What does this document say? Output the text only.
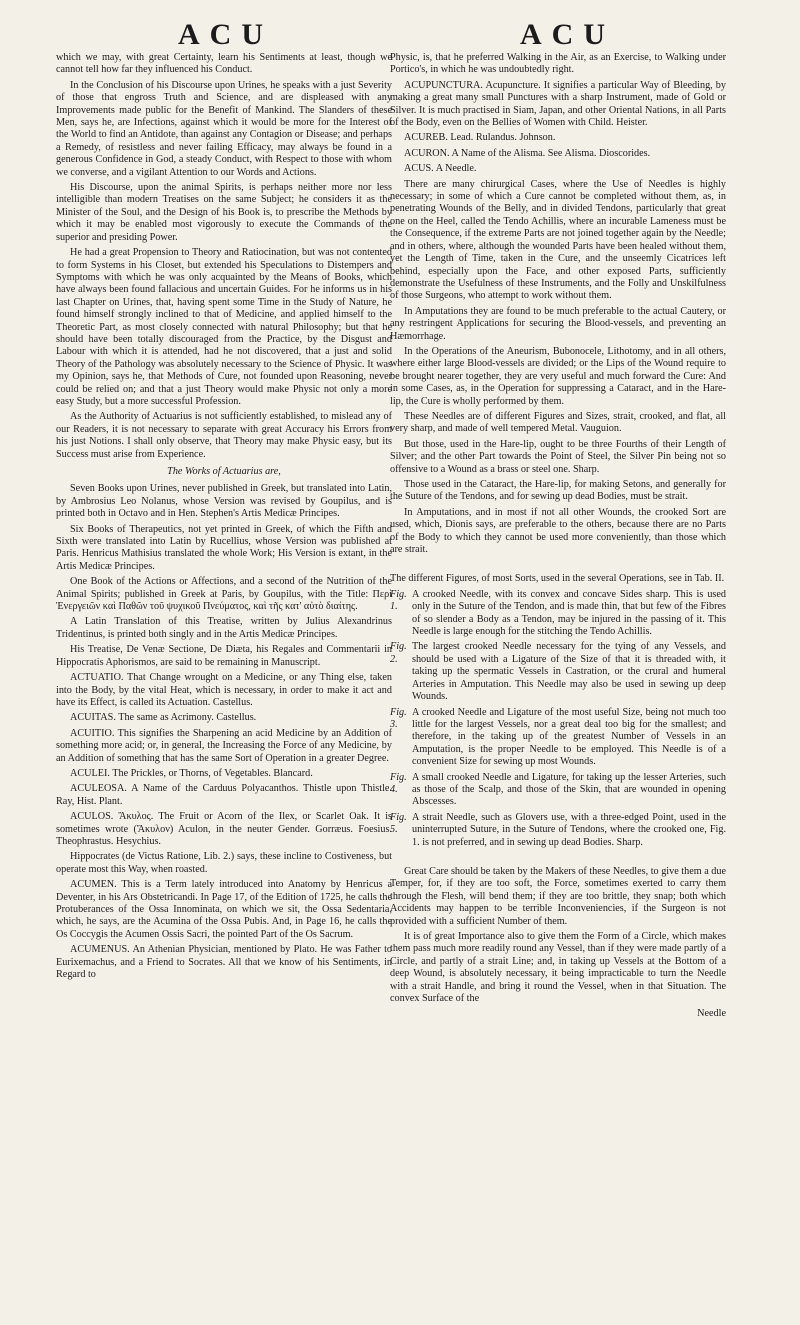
ACU	ACU

which we may, with great Certainty, learn his Sentiments at least, though we cannot tell how far they influenced his Conduct.

In the Conclusion of his Discourse upon Urines, he speaks with a just Severity of those that engross Truth and Science, and are displeased with any Improvements made public for the Benefit of Mankind. The Slanders of these Men, says he, are Infections, against which it would be more for the Interest of the World to find an Antidote, than against any Contagion or Disease; and perhaps a Remedy, of resistless and never failing Efficacy, may always be found in a generous Confidence in God, a steady Conduct, with Respect to those with whom we converse, and a vigilant Attention to our Words and Actions.

His Discourse, upon the animal Spirits, is perhaps neither more nor less intelligible than modern Treatises on the same Subject; he considers it as the Minister of the Soul, and the Design of his Book is, to prescribe the Methods by which it may be enabled most vigorously to execute the Commands of the superior and presiding Power.

He had a great Propension to Theory and Ratiocination, but was not contented to form Systems in his Closet, but extended his Speculations to Distempers and Symptoms with which he was only acquainted by the Means of Books, which have always been found fallacious and uncertain Guides. For he informs us in his last Chapter on Urines, that, having spent some Time in the Study of Nature, he found himself strongly inclined to that of Medicine, and applied himself to the Theoretic Part, as most closely connected with natural Philosophy; but that he should have been totally discouraged from the Practice, by the Disgust and Labour with which it is attended, had he not discovered, that a just and solid Theory of the Pathology was absolutely necessary to the Science of Physic. It was my Opinion, says he, that Methods of Cure, not founded upon Reasoning, never could be relied on; and that a just Theory would make Physic not only a more easy Study, but a more successful Profession.

As the Authority of Actuarius is not sufficiently established, to mislead any of our Readers, it is not necessary to separate with great Accuracy his Errors from his just Notions. I shall only observe, that Theory may make Physic easy, but its Success must arise from Experience.

The Works of Actuarius are,

Seven Books upon Urines, never published in Greek, but translated into Latin, by Ambrosius Leo Nolanus, whose Version was revised by Goupilus, and is printed both in Octavo and in Hen. Stephen's Artis Medicæ Principes.

Six Books of Therapeutics, not yet printed in Greek, of which the Fifth and Sixth were translated into Latin by Rucellius, whose Version was published at Paris. Henricus Mathisius translated the whole Work; His Version is extant, in the Artis Medicæ Principes.

One Book of the Actions or Affections, and a second of the Nutrition of the Animal Spirits; published in Greek at Paris, by Goupilus, with the Title: Περὶ Ἐνεργειῶν καὶ Παθῶν τοῦ ψυχικοῦ Πνεύματος, καὶ τῆς κατ' αὐτὸ διαίτης.

A Latin Translation of this Treatise, written by Julius Alexandrinus Tridentinus, is printed both singly and in the Artis Medicæ Principes.

His Treatise, De Venæ Sectione, De Diæta, his Regales and Commentarii in Hippocratis Aphorismos, are said to be remaining in Manuscript.

ACTUATIO. That Change wrought on a Medicine, or any Thing else, taken into the Body, by the vital Heat, which is necessary, in order to make it act and have its Effect, is called its Actuation. Castellus.

ACUITAS. The same as Acrimony. Castellus.

ACUITIO. This signifies the Sharpening an acid Medicine by an Addition of something more acid; or, in general, the Increasing the Force of any Medicine, by an Addition of something that has the same Sort of Operation in a greater Degree.

ACULEI. The Prickles, or Thorns, of Vegetables. Blancard.

ACULEOSA. A Name of the Carduus Polyacanthos. Thistle upon Thistle. Ray, Hist. Plant.

ACULOS. Ἄκυλος. The Fruit or Acorn of the Ilex, or Scarlet Oak. It is sometimes wrote (Ἄκυλον) Aculon, in the neuter Gender. Gorræus. Foesius. Theophrastus. Hesychius.

Hippocrates (de Victus Ratione, Lib. 2.) says, these incline to Costiveness, but operate most this Way, when roasted.

ACUMEN. This is a Term lately introduced into Anatomy by Henricus a Deventer, in his Ars Obstetricandi. In Page 17, of the Edition of 1725, he calls the Protuberances of the Ossa Innominata, on which we sit, the Ossa Sedentaria, which, he says, are the Acumina of the Ossa Pubis. And, in Page 16, he calls the Os Coccygis the Acumen Ossis Sacri, the pointed Part of the Os Sacrum.

ACUMENUS. An Athenian Physician, mentioned by Plato. He was Father to Eurixemachus, and a Friend to Socrates. All that we know of his Sentiments, in Regard to

Physic, is, that he preferred Walking in the Air, as an Exercise, to Walking under Portico's, in which he was undoubtedly right.

ACUPUNCTURA. Acupuncture. It signifies a particular Way of Bleeding, by making a great many small Punctures with a sharp Instrument, made of Gold or Silver. It is much practised in Siam, Japan, and other Oriental Nations, in all Parts of the Body, even on the Bellies of Women with Child. Heister.

ACUREB. Lead. Rulandus. Johnson.

ACURON. A Name of the Alisma. See Alisma. Dioscorides.

ACUS. A Needle.

There are many chirurgical Cases, where the Use of Needles is highly necessary; in some of which a Cure cannot be completed without them, as, in penetrating Wounds of the Belly, and in divided Tendons, particularly that great one on the Heel, called the Tendo Achillis, where an incurable Lameness must be the Consequence, if the extreme Parts are not joined together again by the Needle; and in others, where, although the wounded Parts have been healed without them, yet the Length of Time, taken in the Cure, and the unseemly Cicatrices left behind, especially upon the Face, and other exposed Parts, sufficiently demonstrate the Usefulness of these Instruments, and the Folly and Unskilfulness of those Surgeons, who attempt to work without them.

In Amputations they are found to be much preferable to the actual Cautery, or any restringent Applications for securing the Blood-vessels, and preventing an Hæmorrhage.

In the Operations of the Aneurism, Bubonocele, Lithotomy, and in all others, where either large Blood-vessels are divided; or the Lips of the Wound require to be brought nearer together, they are very useful and much forward the Cure: And in some Cases, as, in the Operation for suppressing a Cataract, and in the Hare-lip, the Cure is wholly performed by them.

These Needles are of different Figures and Sizes, strait, crooked, and flat, all very sharp, and made of well tempered Metal. Vauguion.

But those, used in the Hare-lip, ought to be three Fourths of their Length of Silver; and the other Part towards the Point of Steel, the Silver Pin being not so offensive to a Wound as a brass or steel one. Sharp.

Those used in the Cataract, the Hare-lip, for making Setons, and generally for the Suture of the Tendons, and for sewing up dead Bodies, must be strait.

In Amputations, and in most if not all other Wounds, the crooked Sort are used, which, Dionis says, are preferable to the others, because there are no Parts of the Body to which they cannot be used more conveniently, than those which are strait.

The different Figures, of most Sorts, used in the several Operations, see in Tab. II.

Fig. 1.
A crooked Needle, with its convex and concave Sides sharp. This is used only in the Suture of the Tendon, and is made thin, that but few of the Fibres of so slender a Body as a Tendon, may be injured in the passing of it. This Needle is large enough for the stitching the Tendo Achillis.
Fig. 2.
The largest crooked Needle necessary for the tying of any Vessels, and should be used with a Ligature of the Size of that it is threaded with, it taking up the spermatic Vessels in Castration, or the crural and humeral Arteries in Amputation. This Needle may also be used in sewing up deep Wounds.
Fig. 3.
A crooked Needle and Ligature of the most useful Size, being not much too little for the largest Vessels, nor a great deal too big for the smallest; and therefore, in the taking up of the greatest Number of Vessels in an Amputation, is the proper Needle to be employed. This Needle is of a convenient Size for sewing up most Wounds.
Fig. 4.
A small crooked Needle and Ligature, for taking up the lesser Arteries, such as those of the Scalp, and those of the Skin, that are wounded in opening Abscesses.
Fig. 5.
A strait Needle, such as Glovers use, with a three-edged Point, used in the uninterrupted Suture, in the Suture of Tendons, where the crooked one, Fig. 1. is not preferred, and in sewing up dead Bodies. Sharp.

Great Care should be taken by the Makers of these Needles, to give them a due Temper, for, if they are too soft, the Force, sometimes exerted to carry them through the Flesh, will bend them; if they are too brittle, they snap; both which Accidents may happen to be terrible Inconveniencies, if the Surgeon is not provided with a sufficient Number of them.

It is of great Importance also to give them the Form of a Circle, which makes them pass much more readily round any Vessel, than if they were made partly of a Circle, and partly of a strait Line; and, in taking up Vessels at the Bottom of a deep Wound, is absolutely necessary, it being impracticable to turn the Needle with a strait Handle, and bring it round the Vessel, when in that Situation. The convex Surface of the

Needle
